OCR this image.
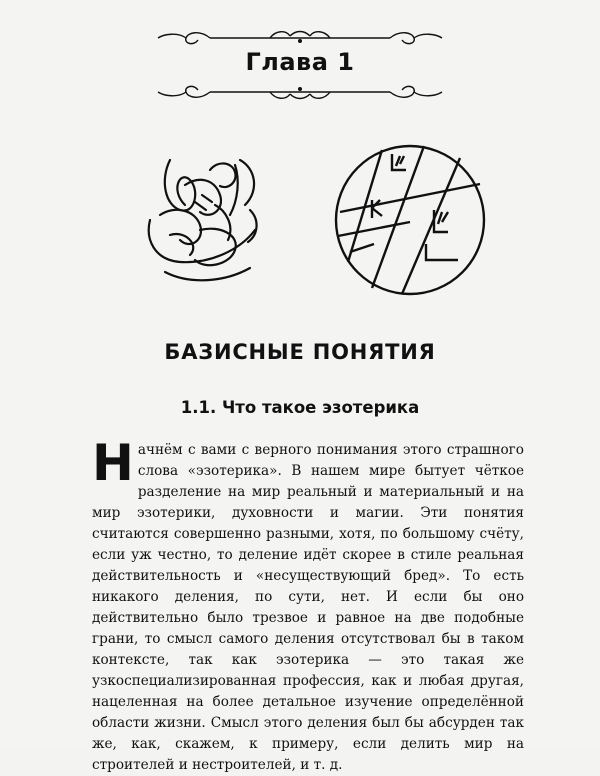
Глава 1
БАЗИСНЫЕ ПОНЯТИЯ
1.1. Что такое эзотерика
Начнём с вами с верного понимания этого страшного слова «эзотерика». В нашем мире бытует чёткое разделение на мир реальный и материальный и на мир эзотерики, духовности и магии. Эти понятия считаются совершенно разными, хотя, по большому счёту, если уж честно, то деление идёт скорее в стиле реальная действительность и «несуществующий бред». То есть никакого деления, по сути, нет. И если бы оно действительно было трезвое и равное на две подобные грани, то смысл самого деления отсутствовал бы в таком контексте, так как эзотерика — это такая же узкоспециализированная профессия, как и любая другая, нацеленная на более детальное изучение определённой области жизни. Смысл этого деления был бы абсурден так же, как, скажем, к примеру, если делить мир на строителей и нестроителей, и т. д.
